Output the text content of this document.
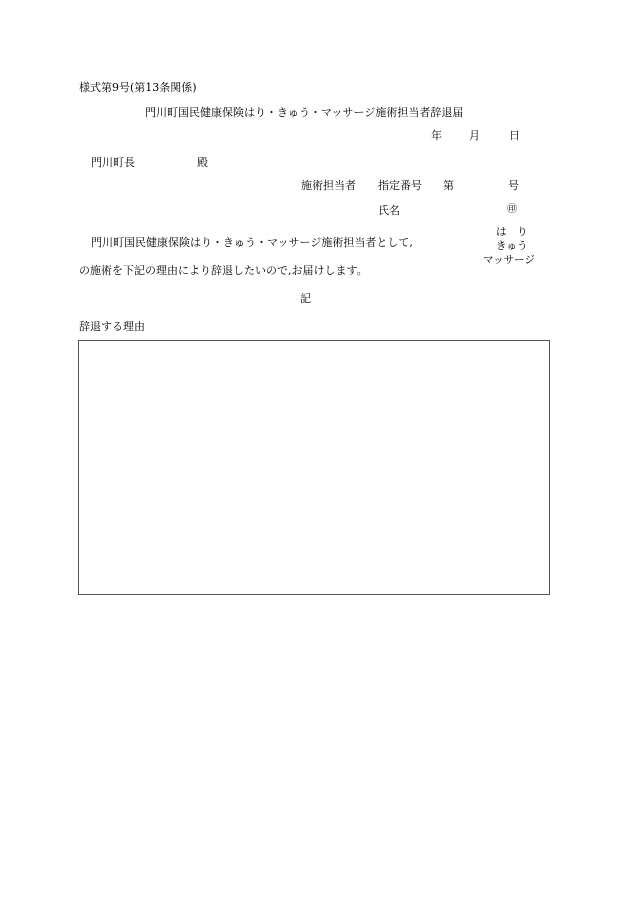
様式第9号(第13条関係)
門川町国民健康保険はり・きゅう・マッサージ施術担当者辞退届
年 月	日
門川町長	殿
施術担当者 指定番号 第	号
氏名	㊞
門川町国民健康保険はり・きゅう・マッサージ施術担当者として,
は　り
きゅう
マッサージ
の施術を下記の理由により辞退したいので,お届けします。
記
辞退する理由
